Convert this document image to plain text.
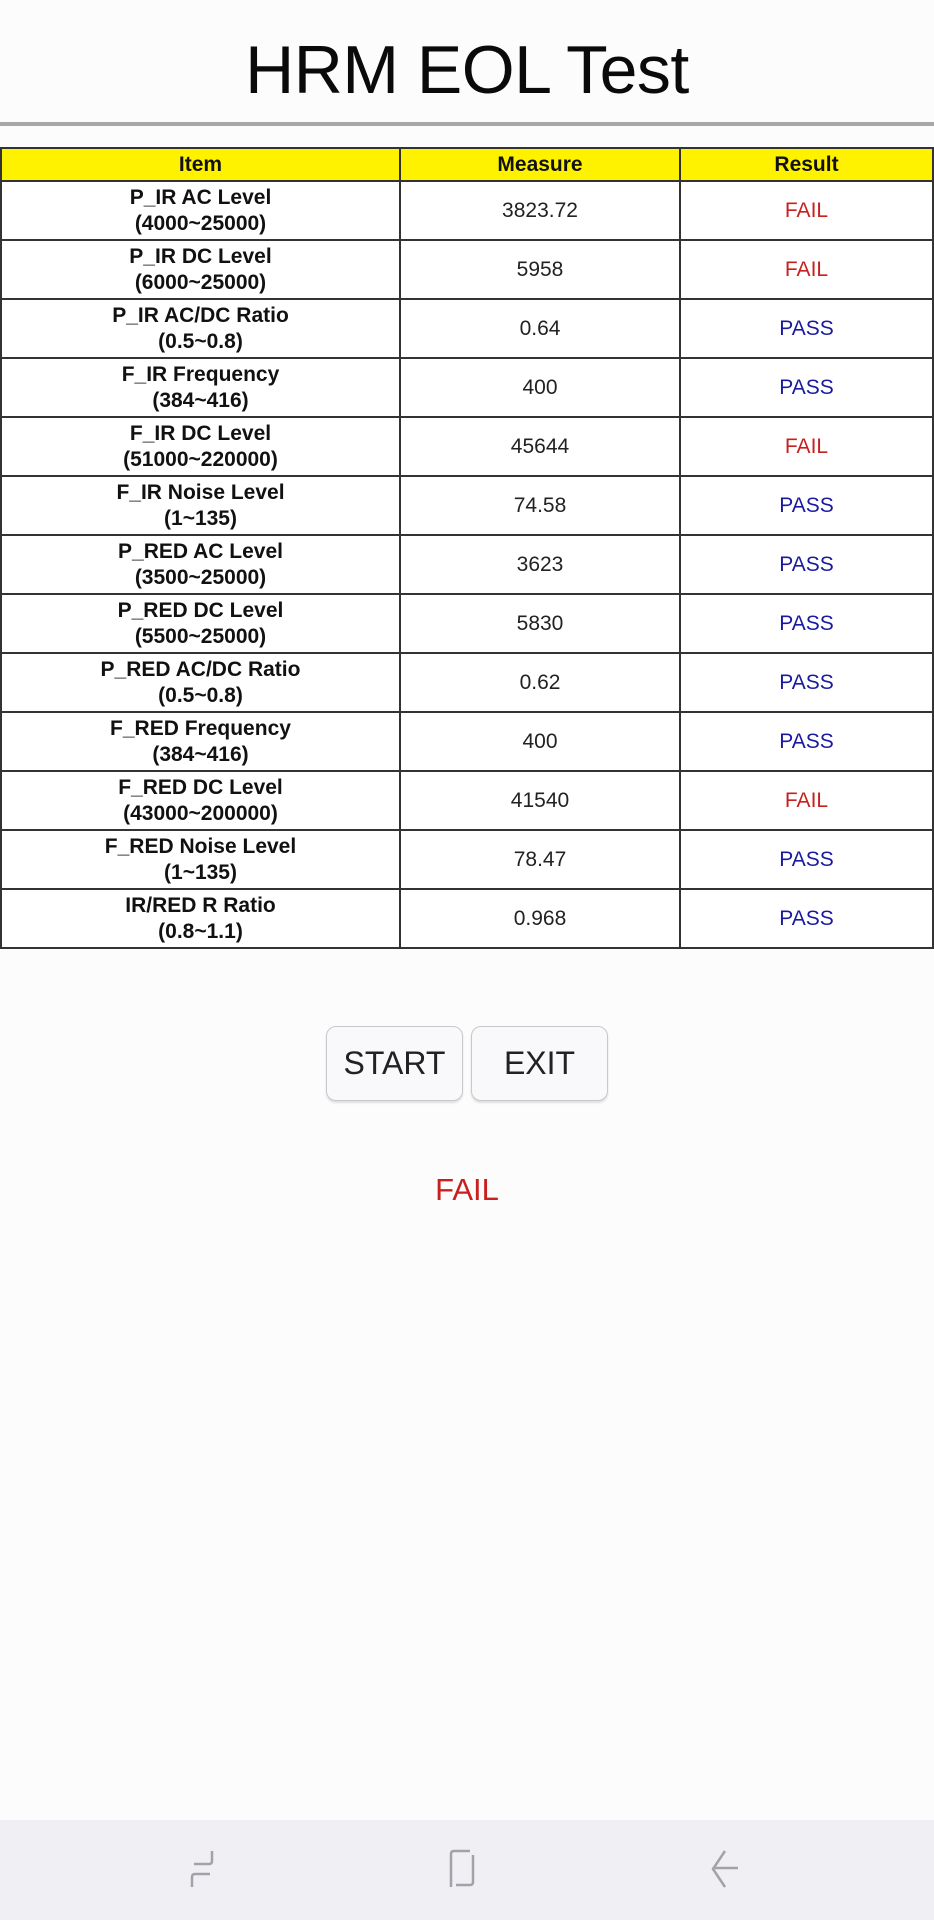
HRM EOL Test
Item	Measure	Result

P_IR AC Level
(4000~25000)	3823.72	FAIL

P_IR DC Level
(6000~25000)	5958	FAIL

P_IR AC/DC Ratio
(0.5~0.8)	0.64	PASS

F_IR Frequency
(384~416)	400	PASS

F_IR DC Level
(51000~220000)	45644	FAIL

F_IR Noise Level
(1~135)	74.58	PASS

P_RED AC Level
(3500~25000)	3623	PASS

P_RED DC Level
(5500~25000)	5830	PASS

P_RED AC/DC Ratio
(0.5~0.8)	0.62	PASS

F_RED Frequency
(384~416)	400	PASS

F_RED DC Level
(43000~200000)	41540	FAIL

F_RED Noise Level
(1~135)	78.47	PASS

IR/RED R Ratio
(0.8~1.1)	0.968	PASS
START	EXIT
FAIL
